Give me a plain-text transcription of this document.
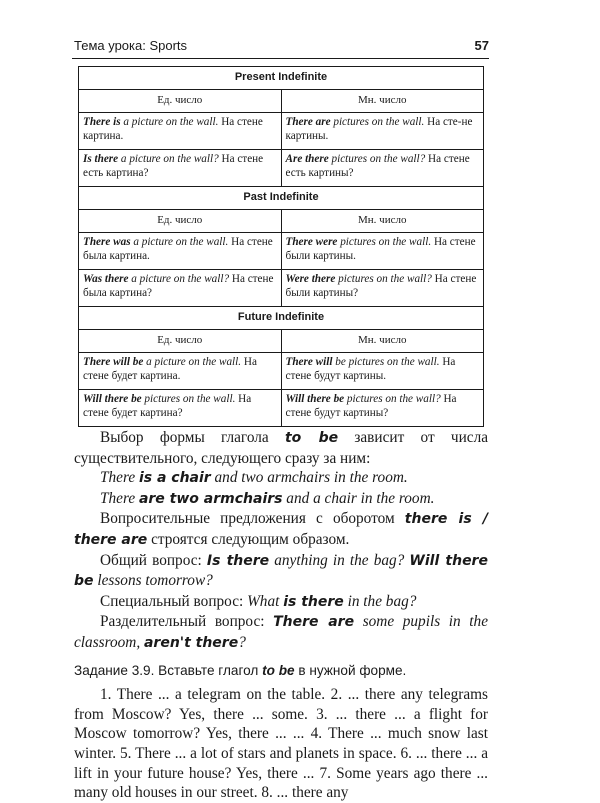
Тема урока: Sports	57
Present Indefinite	
Ед. число	Мн. число
There is a picture on the wall. На стене картина.	There are pictures on the wall. На сте-не картины.
Is there a picture on the wall? На стене есть картина?	Are there pictures on the wall? На стене есть картины?
Past Indefinite	
Ед. число	Мн. число
There was a picture on the wall. На стене была картина.	There were pictures on the wall. На стене были картины.
Was there a picture on the wall? На стене была картина?	Were there pictures on the wall? На стене были картины?
Future Indefinite	
Ед. число	Мн. число
There will be a picture on the wall. На стене будет картина.	There will be pictures on the wall. На стене будут картины.
Will there be pictures on the wall. На стене будет картина?	Will there be pictures on the wall? На стене будут картины?

Выбор формы глагола to be зависит от числа существительного, следующего сразу за ним:

There is a chair and two armchairs in the room.

There are two armchairs and a chair in the room.

Вопросительные предложения с оборотом there is / there are строятся следующим образом.

Общий вопрос: Is there anything in the bag? Will there be lessons tomorrow?

Специальный вопрос: What is there in the bag?

Разделительный вопрос: There are some pupils in the classroom, aren't there?

Задание 3.9. Вставьте глагол to be в нужной форме.

1. There ... a telegram on the table. 2. ... there any telegrams from Moscow? Yes, there ... some. 3. ... there ... a flight for Moscow tomorrow? Yes, there ... ... 4. There ... much snow last winter. 5. There ... a lot of stars and planets in space. 6. ... there ... a lift in your future house? Yes, there ... 7. Some years ago there ... many old houses in our street. 8. ... there any
